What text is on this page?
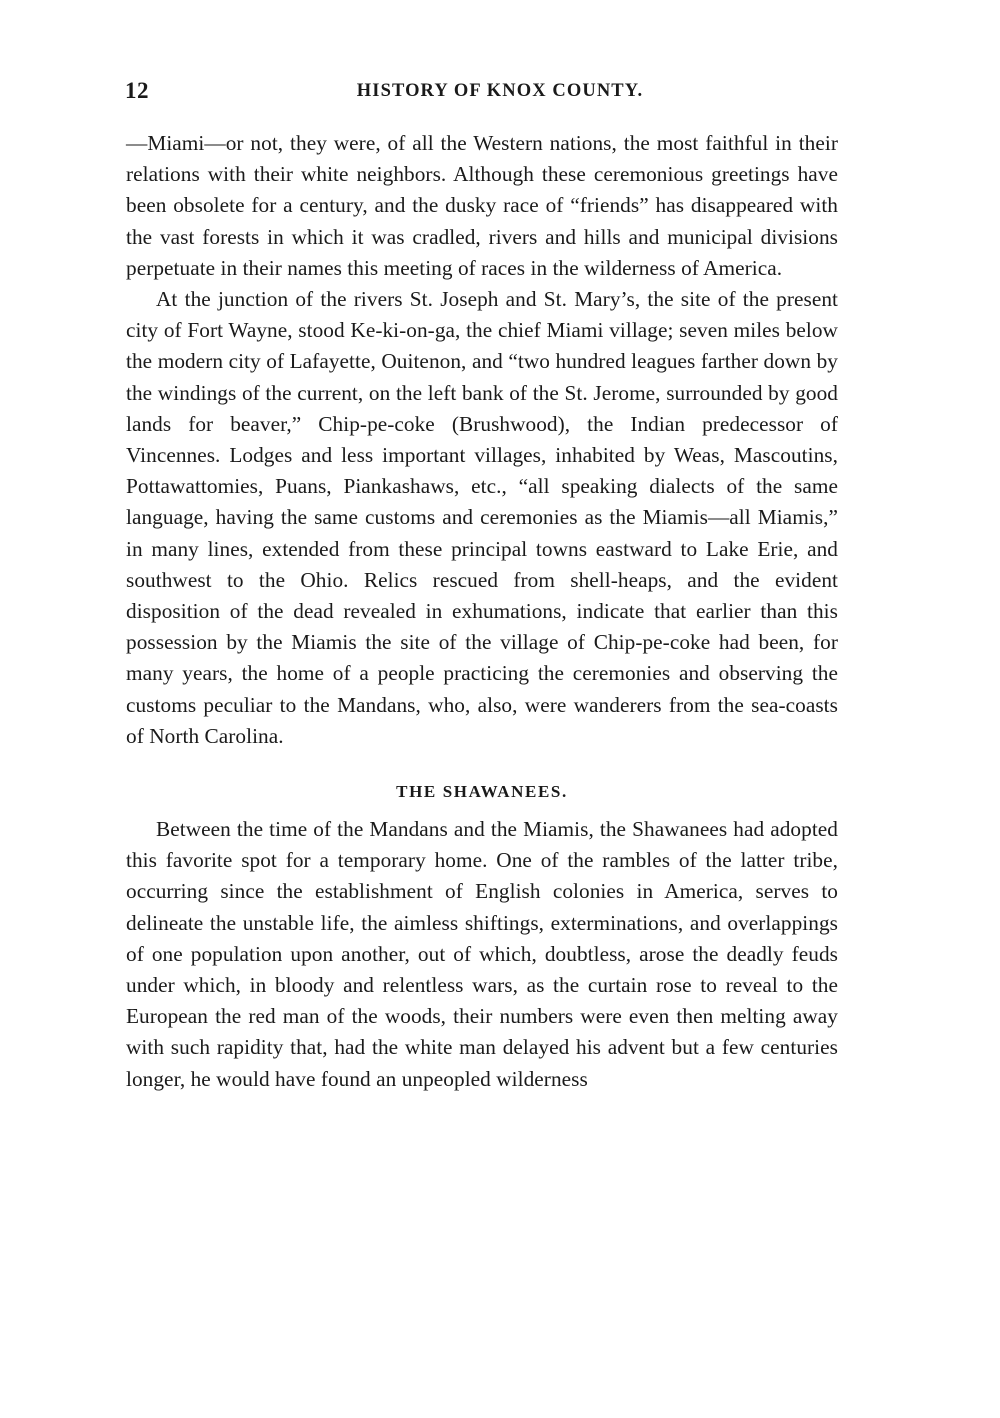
12	HISTORY OF KNOX COUNTY.

—Miami—or not, they were, of all the Western nations, the most faithful in their relations with their white neighbors. Although these ceremonious greetings have been obsolete for a century, and the dusky race of “friends” has disappeared with the vast forests in which it was cradled, rivers and hills and municipal divisions perpetuate in their names this meeting of races in the wilderness of America.

At the junction of the rivers St. Joseph and St. Mary’s, the site of the present city of Fort Wayne, stood Ke-ki-on-ga, the chief Miami village; seven miles below the modern city of Lafayette, Ouitenon, and “two hundred leagues farther down by the windings of the current, on the left bank of the St. Jerome, surrounded by good lands for beaver,” Chip-pe-coke (Brushwood), the Indian predecessor of Vincennes. Lodges and less important villages, inhabited by Weas, Mascoutins, Pottawattomies, Puans, Piankashaws, etc., “all speaking dialects of the same language, having the same customs and ceremonies as the Miamis—all Miamis,” in many lines, extended from these principal towns eastward to Lake Erie, and southwest to the Ohio. Relics rescued from shell-heaps, and the evident disposition of the dead revealed in exhumations, indicate that earlier than this possession by the Miamis the site of the village of Chip-pe-coke had been, for many years, the home of a people practicing the ceremonies and observing the customs peculiar to the Mandans, who, also, were wanderers from the sea-coasts of North Carolina.

THE SHAWANEES.

Between the time of the Mandans and the Miamis, the Shawanees had adopted this favorite spot for a temporary home. One of the rambles of the latter tribe, occurring since the establishment of English colonies in America, serves to delineate the unstable life, the aimless shiftings, exterminations, and overlappings of one population upon another, out of which, doubtless, arose the deadly feuds under which, in bloody and relentless wars, as the curtain rose to reveal to the European the red man of the woods, their numbers were even then melting away with such rapidity that, had the white man delayed his advent but a few centuries longer, he would have found an unpeopled wilderness
